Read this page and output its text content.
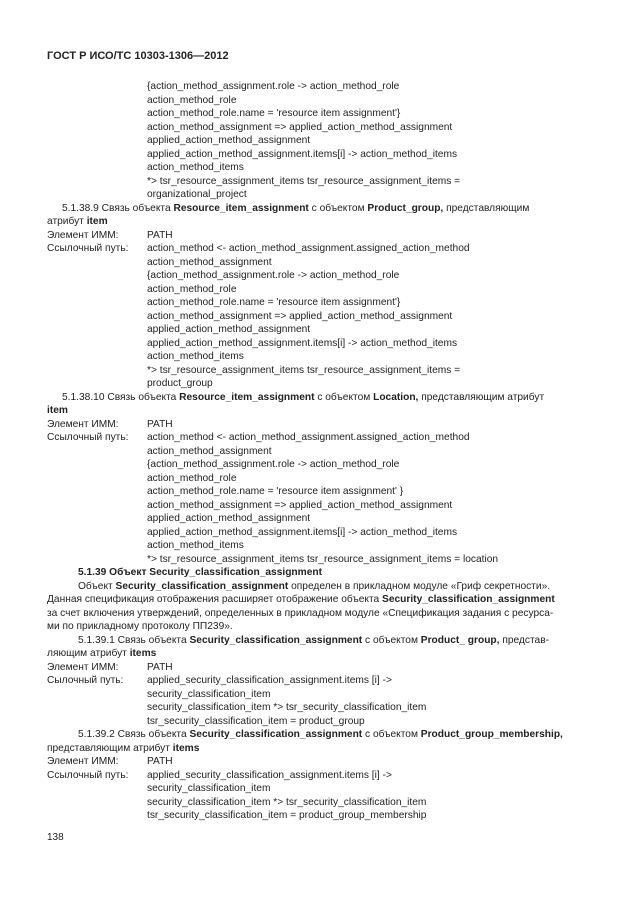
ГОСТ Р ИСО/ТС 10303-1306—2012
{action_method_assignment.role -> action_method_role
action_method_role
action_method_role.name = 'resource item assignment'}
action_method_assignment => applied_action_method_assignment
applied_action_method_assignment
applied_action_method_assignment.items[i] -> action_method_items
action_method_items
*> tsr_resource_assignment_items tsr_resource_assignment_items =
organizational_project
5.1.38.9 Связь объекта Resource_item_assignment с объектом Product_group, представляющим
атрибут item
Элемент ИММ:	PATH
Ссылочный путь: action_method <- action_method_assignment.assigned_action_method
action_method_assignment
{action_method_assignment.role -> action_method_role
action_method_role
action_method_role.name = 'resource item assignment'}
action_method_assignment => applied_action_method_assignment
applied_action_method_assignment
applied_action_method_assignment.items[i] -> action_method_items
action_method_items
*> tsr_resource_assignment_items tsr_resource_assignment_items =
product_group
5.1.38.10 Связь объекта Resource_item_assignment с объектом Location, представляющим атрибут
item
Элемент ИММ:	PATH
Ссылочный путь: action_method <- action_method_assignment.assigned_action_method
action_method_assignment
{action_method_assignment.role -> action_method_role
action_method_role
action_method_role.name = 'resource item assignment' }
action_method_assignment => applied_action_method_assignment
applied_action_method_assignment
applied_action_method_assignment.items[i] -> action_method_items
action_method_items
*> tsr_resource_assignment_items tsr_resource_assignment_items = location
5.1.39 Объект Security_classification_assignment
Объект Security_classification_assignment определен в прикладном модуле «Гриф секретности».
Данная спецификация отображения расширяет отображение объекта Security_classification_assignment
за счет включения утверждений, определенных в прикладном модуле «Спецификация задания с ресурса-
ми по прикладному протоколу ПП239».
5.1.39.1 Связь объекта Security_classification_assignment с объектом Product_ group, представ-
ляющим атрибут items
Элемент ИММ:	PATH
Сылочный путь: applied_security_classification_assignment.items [i] ->
security_classification_item
security_classification_item *> tsr_security_classification_item
tsr_security_classification_item = product_group
5.1.39.2 Связь объекта Security_classification_assignment с объектом Product_group_membership,
представляющим атрибут items
Элемент ИММ:	PATH
Ссылочный путь: applied_security_classification_assignment.items [i] ->
security_classification_item
security_classification_item *> tsr_security_classification_item
tsr_security_classification_item = product_group_membership
138
